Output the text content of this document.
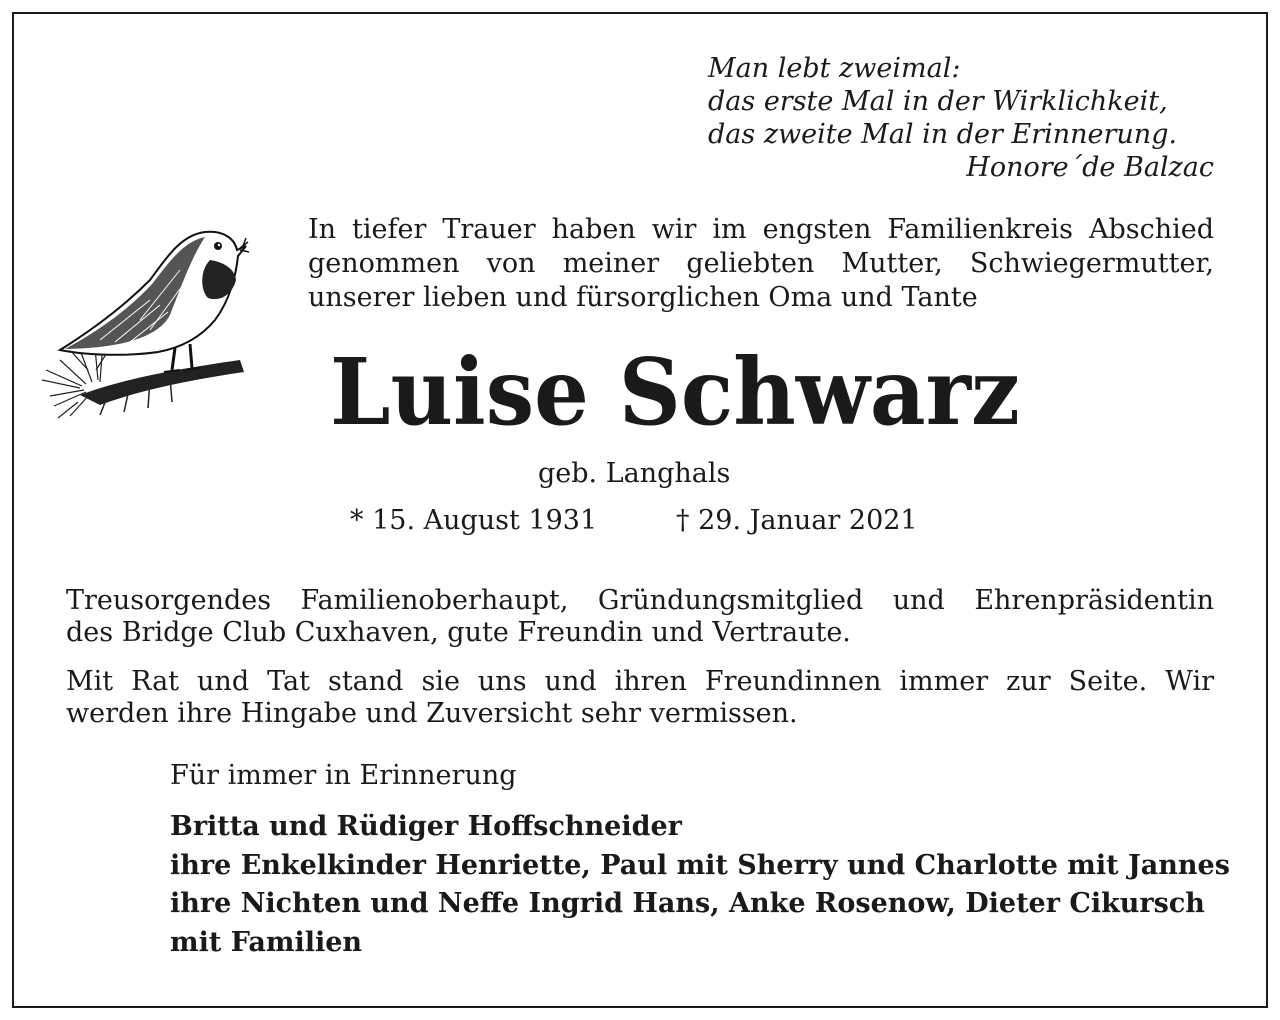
Man lebt zweimal:
das erste Mal in der Wirklichkeit,
das zweite Mal in der Erinnerung.
Honore´de Balzac
In tiefer Trauer haben wir im engsten Familienkreis Abschied
genommen von meiner geliebten Mutter, Schwiegermutter,
unserer lieben und fürsorglichen Oma und Tante
Luise Schwarz
geb. Langhals
* 15. August 1931	† 29. Januar 2021
Treusorgendes Familienoberhaupt, Gründungsmitglied und Ehrenpräsidentin
des Bridge Club Cuxhaven, gute Freundin und Vertraute.
Mit Rat und Tat stand sie uns und ihren Freundinnen immer zur Seite. Wir
werden ihre Hingabe und Zuversicht sehr vermissen.
Für immer in Erinnerung
Britta und Rüdiger Hoffschneider
ihre Enkelkinder Henriette, Paul mit Sherry und Charlotte mit Jannes
ihre Nichten und Neffe Ingrid Hans, Anke Rosenow, Dieter Cikursch
mit Familien
